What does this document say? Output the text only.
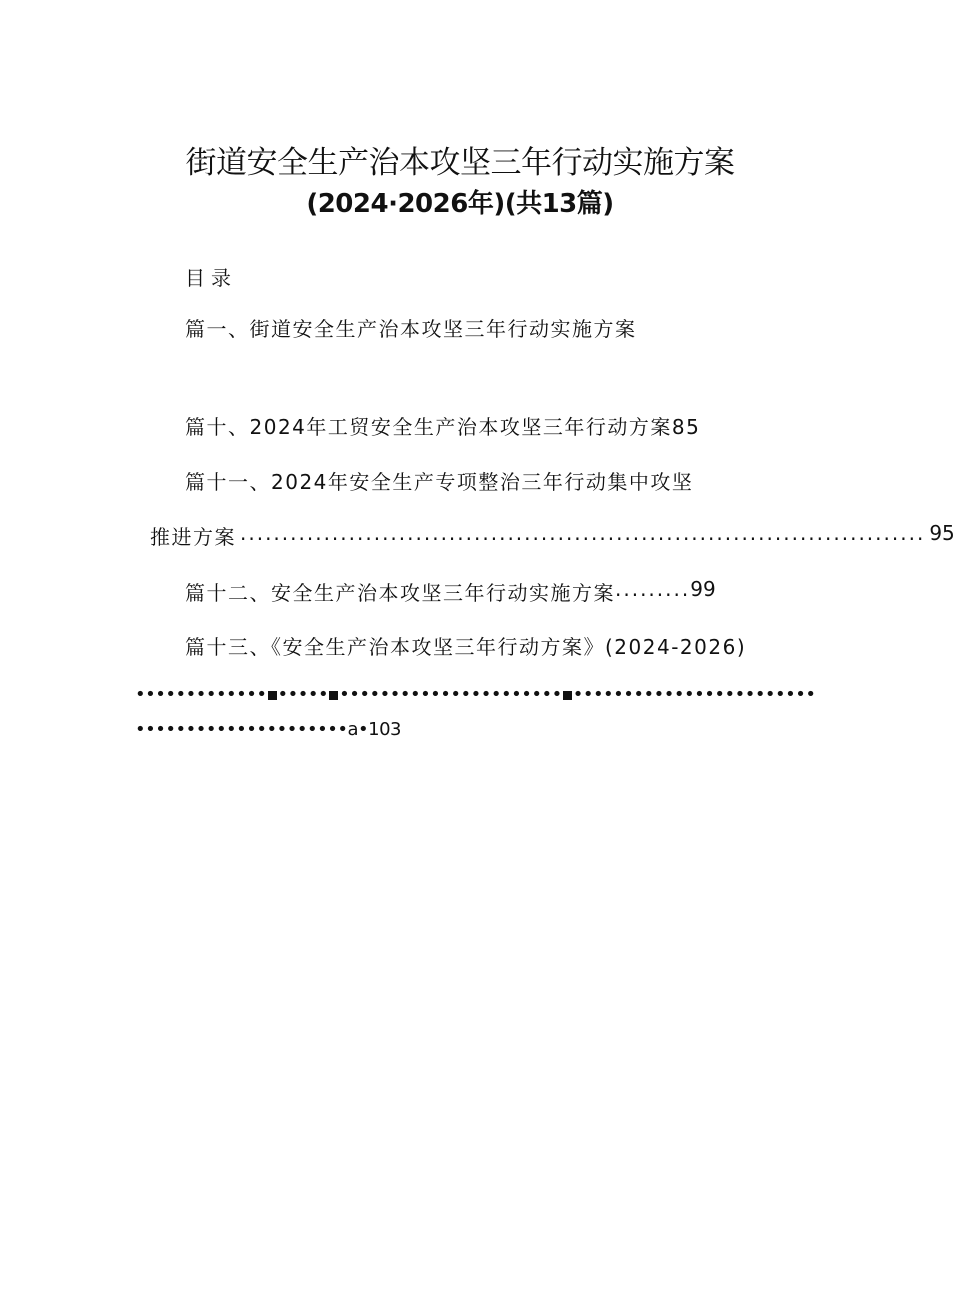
街道安全生产治本攻坚三年行动实施方案
(2024·2026年)(共13篇)
目录
篇一、街道安全生产治本攻坚三年行动实施方案
篇十、2024年工贸安全生产治本攻坚三年行动方案85
篇十一、2024年安全生产专项整治三年行动集中攻坚
推进方案 .................................................................................. 95
篇十二、安全生产治本攻坚三年行动实施方案 ......... 99
篇十三、《安全生产治本攻坚三年行动方案》(2024-2026)
••••••••••••• ••••• •••••••••••••••••••••• ••••••••••••••••••••••••
•••••••••••••••••••••a•103
